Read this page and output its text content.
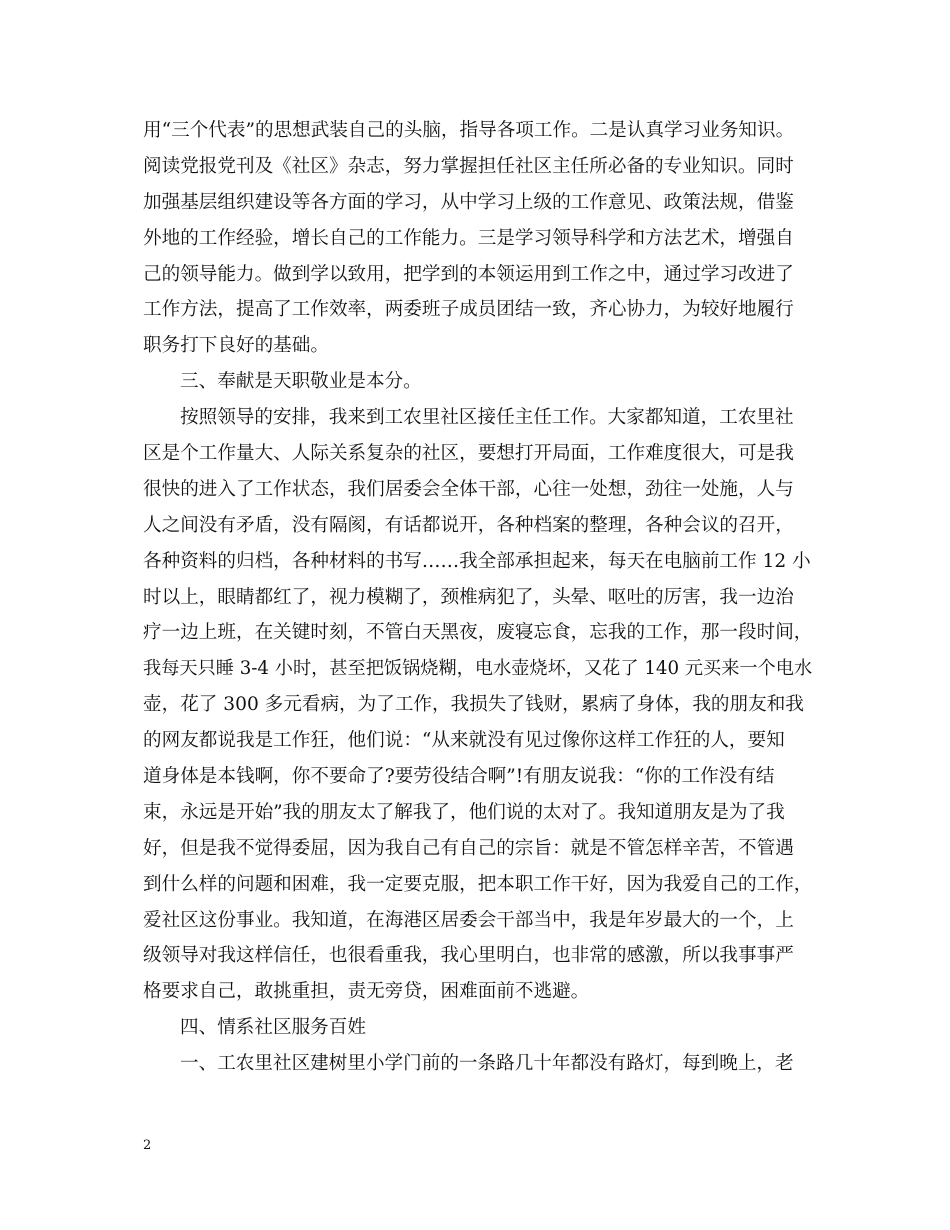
用“三个代表”的思想武装自己的头脑，指导各项工作。二是认真学习业务知识。
阅读党报党刊及《社区》杂志，努力掌握担任社区主任所必备的专业知识。同时
加强基层组织建设等各方面的学习，从中学习上级的工作意见、政策法规，借鉴
外地的工作经验，增长自己的工作能力。三是学习领导科学和方法艺术，增强自
己的领导能力。做到学以致用，把学到的本领运用到工作之中，通过学习改进了
工作方法，提高了工作效率，两委班子成员团结一致，齐心协力，为较好地履行
职务打下良好的基础。
三、奉献是天职敬业是本分。
按照领导的安排，我来到工农里社区接任主任工作。大家都知道，工农里社
区是个工作量大、人际关系复杂的社区，要想打开局面，工作难度很大，可是我
很快的进入了工作状态，我们居委会全体干部，心往一处想，劲往一处施，人与
人之间没有矛盾，没有隔阂，有话都说开，各种档案的整理，各种会议的召开，
各种资料的归档，各种材料的书写……我全部承担起来，每天在电脑前工作 12 小
时以上，眼睛都红了，视力模糊了，颈椎病犯了，头晕、呕吐的厉害，我一边治
疗一边上班，在关键时刻，不管白天黑夜，废寝忘食，忘我的工作，那一段时间，
我每天只睡 3-4 小时，甚至把饭锅烧糊，电水壶烧坏，又花了 140 元买来一个电水
壶，花了 300 多元看病，为了工作，我损失了钱财，累病了身体，我的朋友和我
的网友都说我是工作狂，他们说：“从来就没有见过像你这样工作狂的人，要知
道身体是本钱啊，你不要命了?要劳役结合啊”!有朋友说我：“你的工作没有结
束，永远是开始”我的朋友太了解我了，他们说的太对了。我知道朋友是为了我
好，但是我不觉得委屈，因为我自己有自己的宗旨：就是不管怎样辛苦，不管遇
到什么样的问题和困难，我一定要克服，把本职工作干好，因为我爱自己的工作，
爱社区这份事业。我知道，在海港区居委会干部当中，我是年岁最大的一个，上
级领导对我这样信任，也很看重我，我心里明白，也非常的感激，所以我事事严
格要求自己，敢挑重担，责无旁贷，困难面前不逃避。
四、情系社区服务百姓
一、工农里社区建树里小学门前的一条路几十年都没有路灯，每到晚上，老
2
